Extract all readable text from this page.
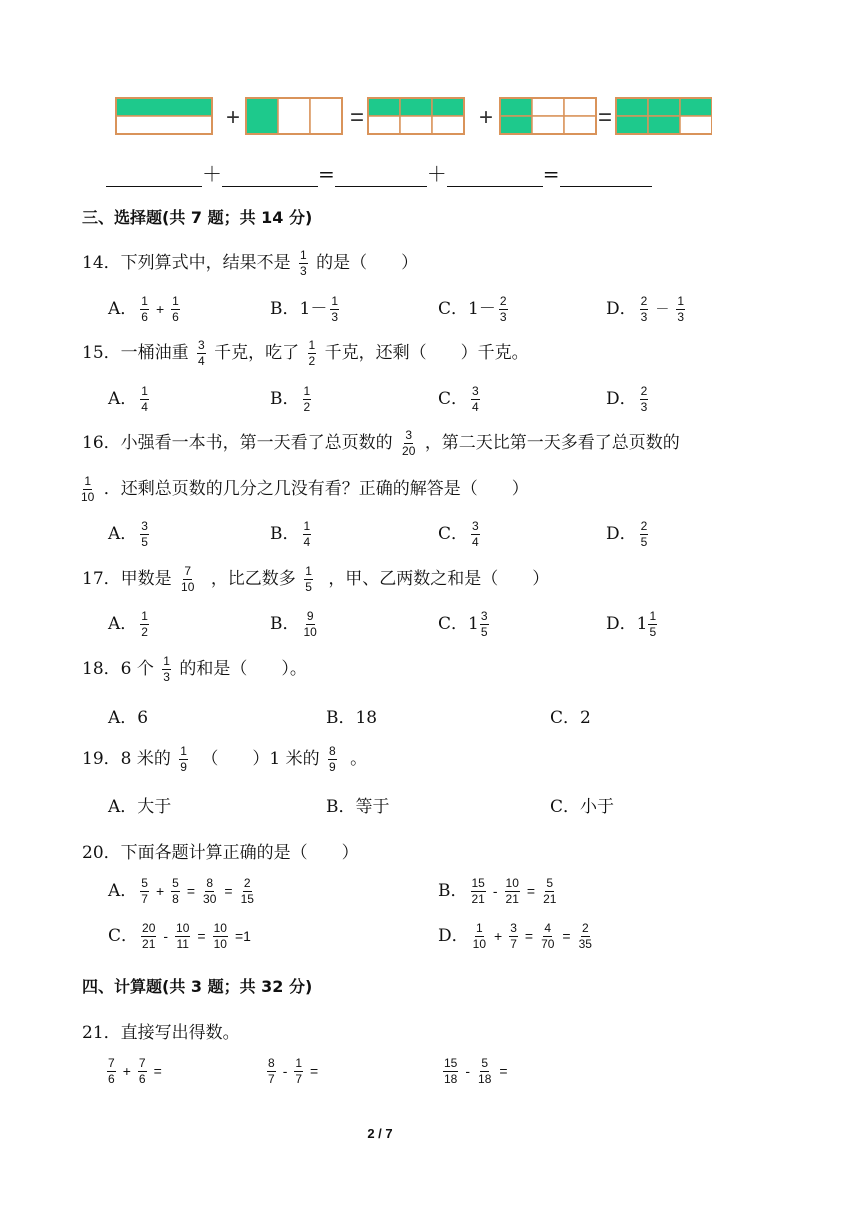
+	=	+	=
＋	=	＋	=
三、选择题(共 7 题；共 14 分)
14．下列算式中，结果不是 $\frac{1}{3}$ 的是（　　）
A． $\frac{1}{6} + \frac{1}{6}$	B．$1- \frac{1}{3}$	C．$1- \frac{2}{3}$	D． $\frac{2}{3} - \frac{1}{3}$
15．一桶油重 $\frac{3}{4}$ 千克，吃了 $\frac{1}{2}$ 千克，还剩（　　）千克。
A． $\frac{1}{4}$	B． $\frac{1}{2}$	C． $\frac{3}{4}$	D． $\frac{2}{3}$
16．小强看一本书，第一天看了总页数的 $\frac{3}{20}$ ，第二天比第一天多看了总页数的
$\frac{1}{10}$ ．还剩总页数的几分之几没有看？正确的解答是（　　）
A． $\frac{3}{5}$	B． $\frac{1}{4}$	C． $\frac{3}{4}$	D． $\frac{2}{5}$
17．甲数是 $\frac{7}{10}$ ，比乙数多 $\frac{1}{5}$ ，甲、乙两数之和是（　　）
A． $\frac{1}{2}$	B． $\frac{9}{10}$	C． $1 \frac{3}{5}$	D． $1 \frac{1}{5}$
18．6 个 $\frac{1}{3}$ 的和是（　　）。
A．6	B．18	C．2
19．8 米的 $\frac{1}{9}$ （　　）1 米的 $\frac{8}{9}$ 。
A．大于	B．等于	C．小于
20．下面各题计算正确的是（　　）
A． $\frac{5}{7} + \frac{5}{8} = \frac{8}{30} = \frac{2}{15}$	B． $\frac{15}{21} - \frac{10}{21} = \frac{5}{21}$
C． $\frac{20}{21} - \frac{10}{11} = \frac{10}{10} =1$	D． $\frac{1}{10} + \frac{3}{7} = \frac{4}{70} = \frac{2}{35}$
四、计算题(共 3 题；共 32 分)
21．直接写出得数。
$\frac{7}{6} + \frac{7}{6}$ =	$\frac{8}{7} - \frac{1}{7}$ =	$\frac{15}{18} - \frac{5}{18}$ =
2 / 7
